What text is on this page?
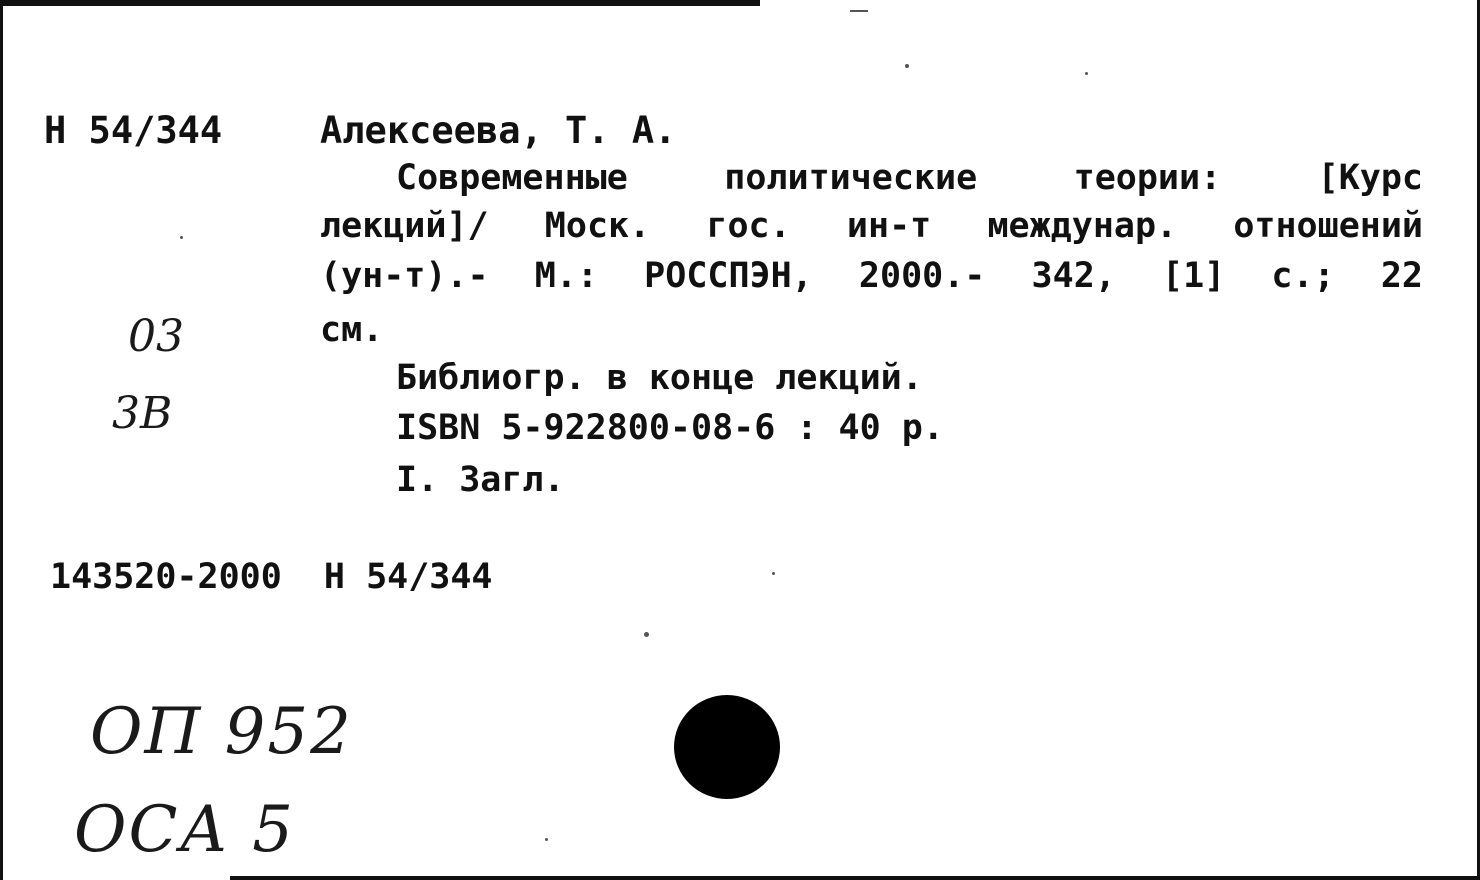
Н 54/344	Алексеева, Т. А.
Современные политические теории: [Курс
лекций]/ Моск. гос. ин-т междунар. отношений
(ун-т).- М.: РОССПЭН, 2000.- 342, [1] с.; 22
см.
Библиогр. в конце лекций.
ISBN 5-922800-08-6 : 40 р.
I. Загл.
143520-2000  Н 54/344
03
3В
ОП 952
ОСА 5
